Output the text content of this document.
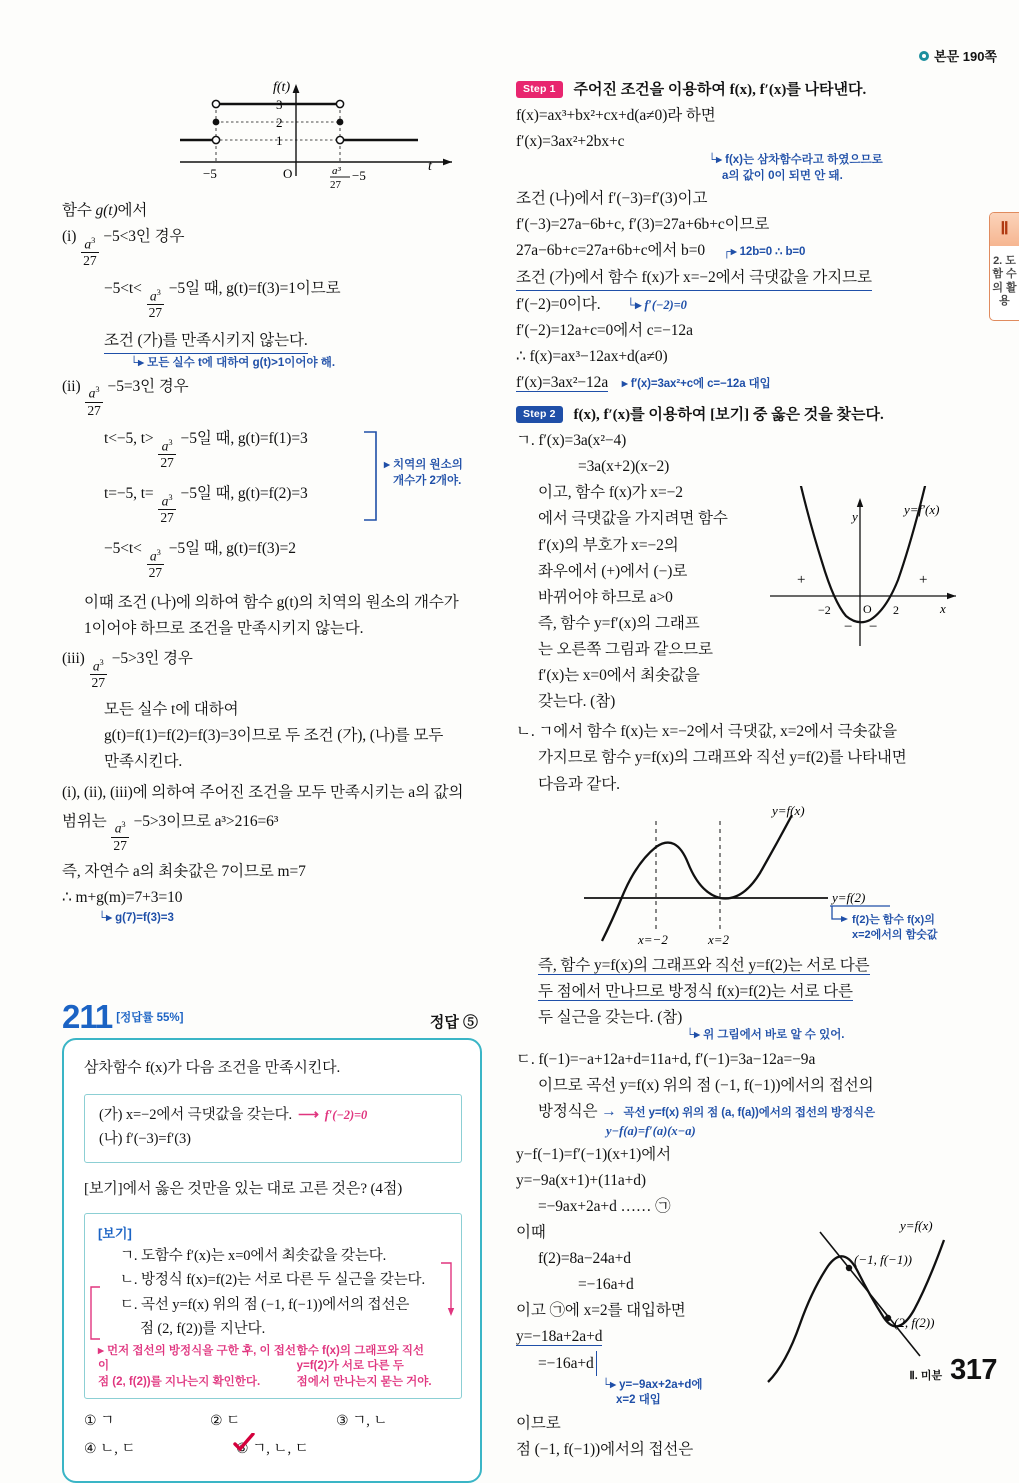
본문 190쪽
Ⅱ
2. 도 함 수 의 활 용
f(t)
3
2
1
−5	O	a³
27
−5
t

함수 g(t)에서

$(i) \frac{a^3}{27} -5<3$인 경우

$-5<t< \frac{a^3}{27} -5$일 때, g(t)=f(3)=1이므로

조건 (가)를 만족시키지 않는다.

└▸ 모든 실수 t에 대하여 g(t)>1이어야 해.

$(ii) \frac{a^3}{27} -5=3$인 경우

t<−5, $t> \frac{a^3}{27} -5$일 때, g(t)=f(1)=3

t=−5, $t= \frac{a^3}{27} -5$일 때, g(t)=f(2)=3

$-5<t< \frac{a^3}{27} -5$일 때, g(t)=f(3)=2

▸ 치역의 원소의
개수가 2개야.

이때 조건 (나)에 의하여 함수 g(t)의 치역의 원소의 개수가

1이어야 하므로 조건을 만족시키지 않는다.

$(iii) \frac{a^3}{27} -5>3$인 경우

모든 실수 t에 대하여

g(t)=f(1)=f(2)=f(3)=3이므로 두 조건 (가), (나)를 모두

만족시킨다.

(i), (ii), (iii)에 의하여 주어진 조건을 모두 만족시키는 a의 값의

범위는 $\frac{a^3}{27} -5>3$이므로 a³>216=6³

즉, 자연수 a의 최솟값은 7이므로 m=7

∴ m+g(m)=7+3=10

└▸ g(7)=f(3)=3

211 [정답률 55%]	정답 ⑤

삼차함수 f(x)가 다음 조건을 만족시킨다.

(가) x=−2에서 극댓값을 갖는다. ⟶ f′(−2)=0

(나) f′(−3)=f′(3)

[보기]에서 옳은 것만을 있는 대로 고른 것은? (4점)

[보기]

ㄱ. 도함수 f′(x)는 x=0에서 최솟값을 갖는다.

ㄴ. 방정식 f(x)=f(2)는 서로 다른 두 실근을 갖는다.

ㄷ. 곡선 y=f(x) 위의 점 (−1, f(−1))에서의 접선은

점 (2, f(2))를 지난다.

▸ 먼저 접선의 방정식을 구한 후, 이 접선이
점 (2, f(2))를 지나는지 확인한다.
함수 f(x)의 그래프와 직선
y=f(2)가 서로 다른 두
점에서 만나는지 묻는 거야.
① ㄱ	② ㄷ	③ ㄱ, ㄴ
④ ㄴ, ㄷ	⑤ ㄱ, ㄴ, ㄷ

Step 1 주어진 조건을 이용하여 f(x), f′(x)를 나타낸다.

f(x)=ax³+bx²+cx+d(a≠0)라 하면

f′(x)=3ax²+2bx+c

└▸ f(x)는 삼차함수라고 하였으므로
a의 값이 0이 되면 안 돼.

조건 (나)에서 f′(−3)=f′(3)이고

f′(−3)=27a−6b+c, f′(3)=27a+6b+c이므로

27a−6b+c=27a+6b+c에서 b=0 ┌▸ 12b=0 ∴ b=0

조건 (가)에서 함수 f(x)가 x=−2에서 극댓값을 가지므로

f′(−2)=0이다. └▸ f′(−2)=0

f′(−2)=12a+c=0에서 c=−12a

∴ f(x)=ax³−12ax+d(a≠0)

f′(x)=3ax²−12a ▸ f′(x)=3ax²+c에 c=−12a 대입

Step 2 f(x), f′(x)를 이용하여 [보기] 중 옳은 것을 찾는다.

ㄱ. f′(x)=3a(x²−4)

=3a(x+2)(x−2)

이고, 함수 f(x)가 x=−2

에서 극댓값을 가지려면 함수

f′(x)의 부호가 x=−2의

좌우에서 (+)에서 (−)로

바뀌어야 하므로 a>0

즉, 함수 y=f′(x)의 그래프

는 오른쪽 그림과 같으므로

f′(x)는 x=0에서 최솟값을

갖는다. (참)

y
x
y=f′(x)
O
−2	2
+	+
− −

ㄴ. ㄱ에서 함수 f(x)는 x=−2에서 극댓값, x=2에서 극솟값을

가지므로 함수 y=f(x)의 그래프와 직선 y=f(2)를 나타내면

다음과 같다.

y=f(x)
y=f(2)
x=−2	x=2
f(2)는 함수 f(x)의
x=2에서의 함숫값

즉, 함수 y=f(x)의 그래프와 직선 y=f(2)는 서로 다른

두 점에서 만나므로 방정식 f(x)=f(2)는 서로 다른

두 실근을 갖는다. (참)

└▸ 위 그림에서 바로 알 수 있어.

ㄷ. f(−1)=−a+12a+d=11a+d, f′(−1)=3a−12a=−9a

이므로 곡선 y=f(x) 위의 점 (−1, f(−1))에서의 접선의

방정식은 → 곡선 y=f(x) 위의 점 (a, f(a))에서의 접선의 방정식은

y−f(a)=f′(a)(x−a)

y−f(−1)=f′(−1)(x+1)에서

y=−9a(x+1)+(11a+d)

=−9ax+2a+d …… ㉠

이때

f(2)=8a−24a+d

=−16a+d

이고 ㉠에 x=2를 대입하면

y=−18a+2a+d

=−16a+d

└▸ y=−9ax+2a+d에
x=2 대입

이므로

점 (−1, f(−1))에서의 접선은

y=f(x)
(−1, f(−1))
(2, f(2))
Ⅱ. 미분 317
